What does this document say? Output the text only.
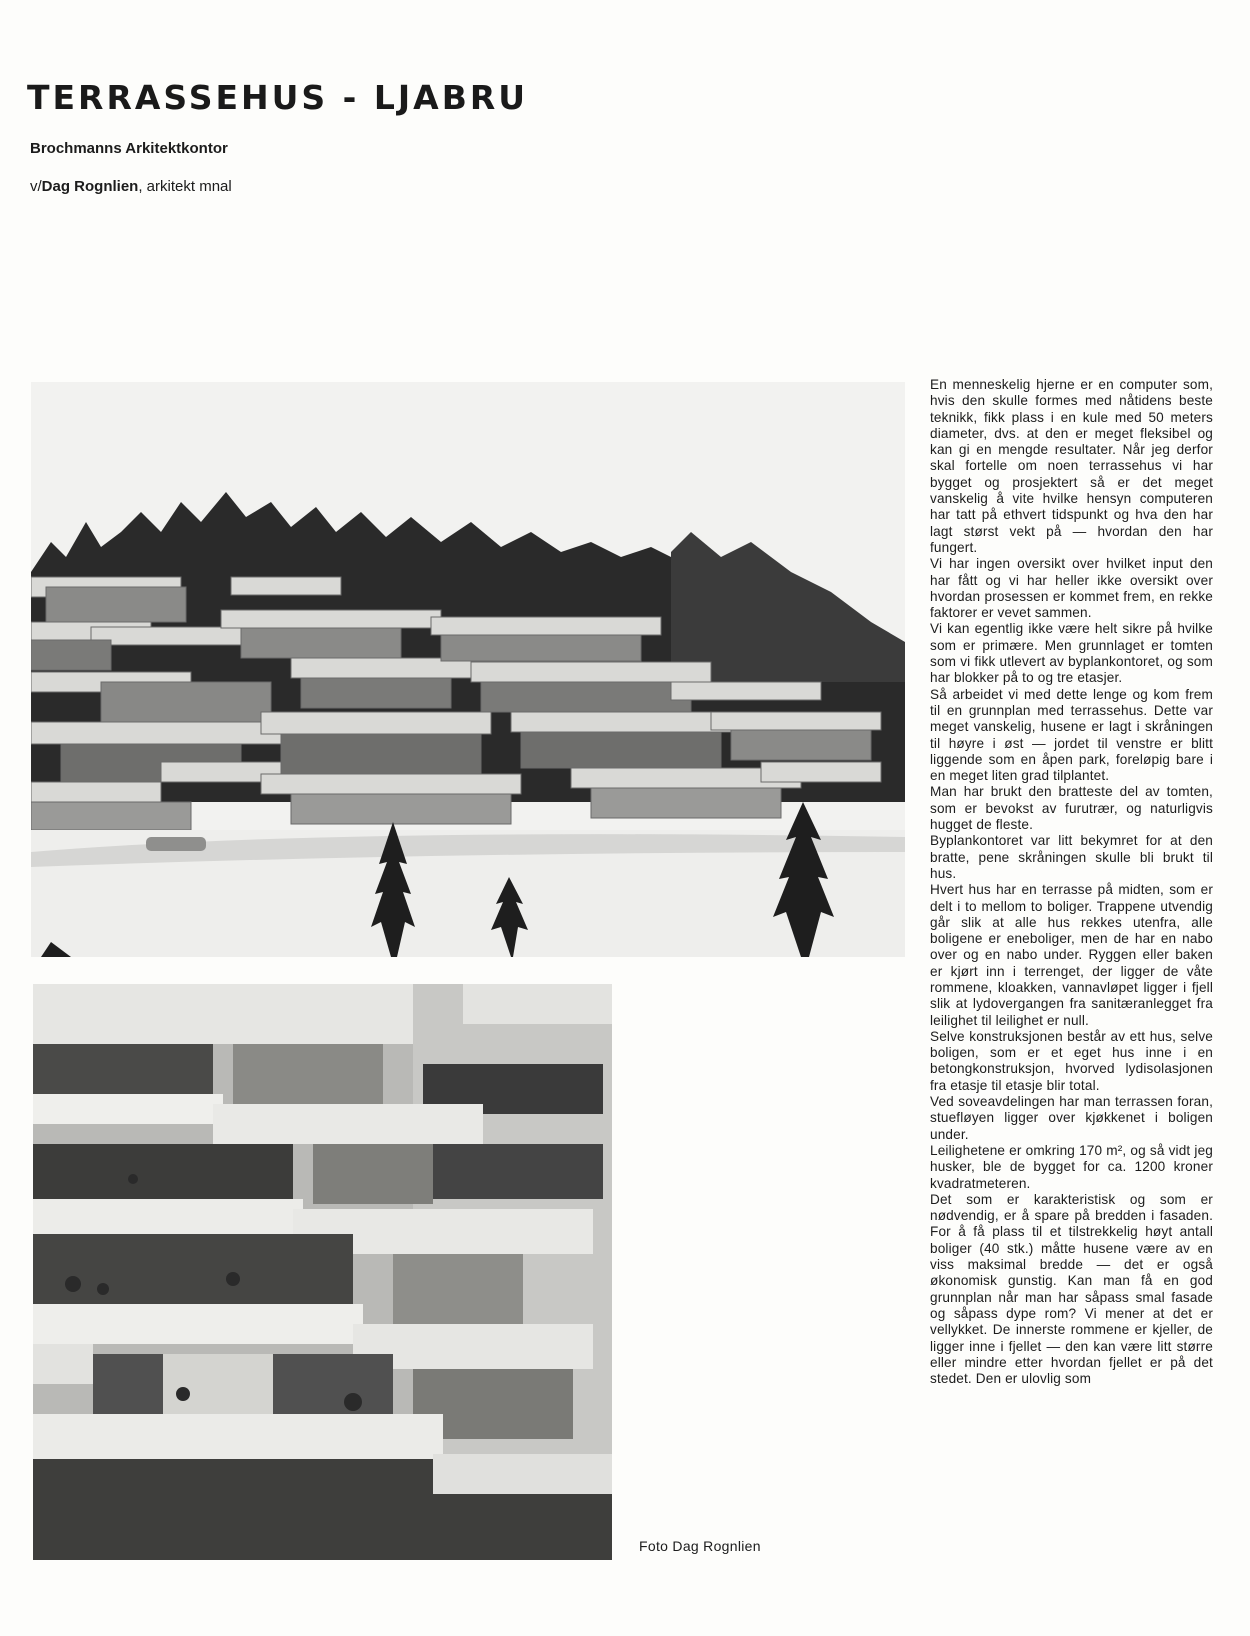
TERRASSEHUS - LJABRU

Brochmanns Arkitektkontor

v/Dag Rognlien, arkitekt mnal

Foto Dag Rognlien

En menneskelig hjerne er en computer som, hvis den skulle formes med nåtidens beste teknikk, fikk plass i en kule med 50 meters diameter, dvs. at den er meget fleksibel og kan gi en mengde resultater. Når jeg derfor skal fortelle om noen terrassehus vi har bygget og prosjektert så er det meget vanskelig å vite hvilke hensyn computeren har tatt på ethvert tidspunkt og hva den har lagt størst vekt på — hvordan den har fungert.

Vi har ingen oversikt over hvilket input den har fått og vi har heller ikke oversikt over hvordan prosessen er kommet frem, en rekke faktorer er vevet sammen.

Vi kan egentlig ikke være helt sikre på hvilke som er primære. Men grunnlaget er tomten som vi fikk utlevert av byplankontoret, og som har blokker på to og tre etasjer.

Så arbeidet vi med dette lenge og kom frem til en grunnplan med terrassehus. Dette var meget vanskelig, husene er lagt i skråningen til høyre i øst — jordet til venstre er blitt liggende som en åpen park, foreløpig bare i en meget liten grad tilplantet.

Man har brukt den bratteste del av tomten, som er bevokst av furutrær, og naturligvis hugget de fleste.

Byplankontoret var litt bekymret for at den bratte, pene skråningen skulle bli brukt til hus.

Hvert hus har en terrasse på midten, som er delt i to mellom to boliger. Trappene utvendig går slik at alle hus rekkes utenfra, alle boligene er eneboliger, men de har en nabo over og en nabo under. Ryggen eller baken er kjørt inn i terrenget, der ligger de våte rommene, kloakken, vannavløpet ligger i fjell slik at lydovergangen fra sanitæranlegget fra leilighet til leilighet er null.

Selve konstruksjonen består av ett hus, selve boligen, som er et eget hus inne i en betongkonstruksjon, hvorved lydisolasjonen fra etasje til etasje blir total.

Ved soveavdelingen har man terrassen foran, stuefløyen ligger over kjøkkenet i boligen under.

Leilighetene er omkring 170 m², og så vidt jeg husker, ble de bygget for ca. 1200 kroner kvadratmeteren.

Det som er karakteristisk og som er nødvendig, er å spare på bredden i fasaden. For å få plass til et tilstrekkelig høyt antall boliger (40 stk.) måtte husene være av en viss maksimal bredde — det er også økonomisk gunstig. Kan man få en god grunnplan når man har såpass smal fasade og såpass dype rom? Vi mener at det er vellykket. De innerste rommene er kjeller, de ligger inne i fjellet — den kan være litt større eller mindre etter hvordan fjellet er på det stedet. Den er ulovlig som
